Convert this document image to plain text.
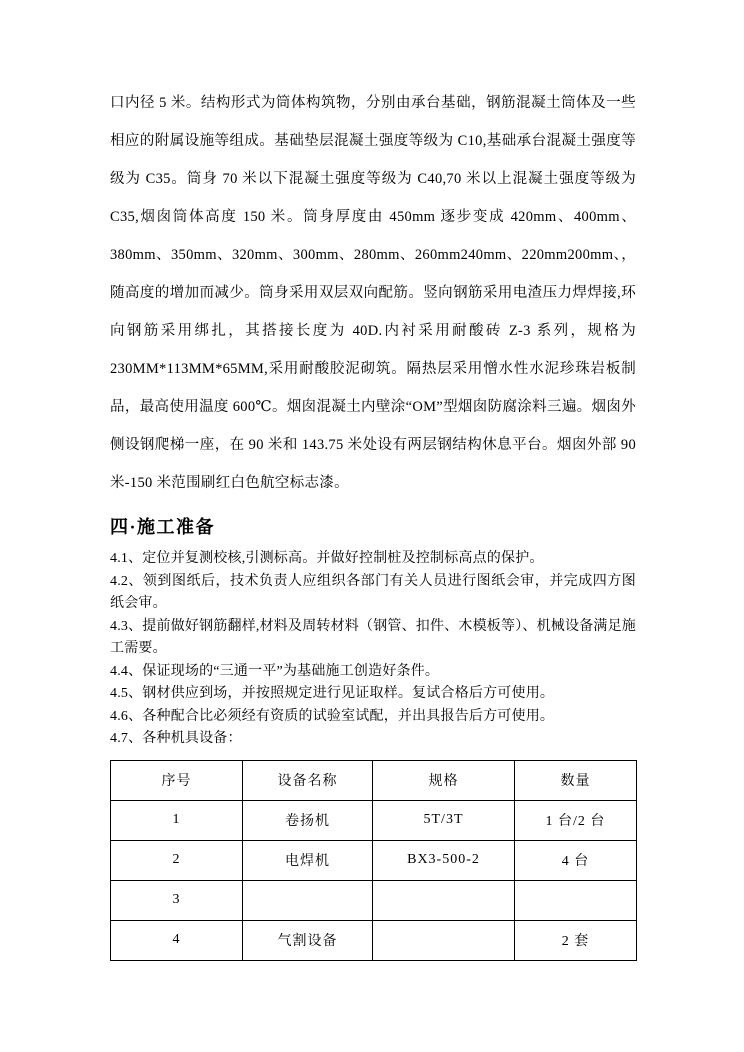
口内径 5 米。结构形式为筒体构筑物，分别由承台基础，钢筋混凝土筒体及一些相应的附属设施等组成。基础垫层混凝土强度等级为 C10,基础承台混凝土强度等级为 C35。筒身 70 米以下混凝土强度等级为 C40,70 米以上混凝土强度等级为 C35,烟囱筒体高度 150 米。筒身厚度由 450mm 逐步变成 420mm、400mm、380mm、350mm、320mm、300mm、280mm、260mm240mm、220mm200mm、，随高度的增加而减少。筒身采用双层双向配筋。竖向钢筋采用电渣压力焊焊接,环向钢筋采用绑扎，其搭接长度为 40D.内衬采用耐酸砖 Z-3 系列，规格为 230MM*113MM*65MM,采用耐酸胶泥砌筑。隔热层采用憎水性水泥珍珠岩板制品，最高使用温度 600℃。烟囱混凝土内壁涂“OM”型烟囱防腐涂料三遍。烟囱外侧设钢爬梯一座，在 90 米和 143.75 米处设有两层钢结构休息平台。烟囱外部 90 米-150 米范围刷红白色航空标志漆。

四·施工准备

4.1、定位并复测校核,引测标高。并做好控制桩及控制标高点的保护。

4.2、领到图纸后，技术负责人应组织各部门有关人员进行图纸会审，并完成四方图纸会审。

4.3、提前做好钢筋翻样,材料及周转材料（钢管、扣件、木模板等）、机械设备满足施工需要。

4.4、保证现场的“三通一平”为基础施工创造好条件。

4.5、钢材供应到场，并按照规定进行见证取样。复试合格后方可使用。

4.6、各种配合比必须经有资质的试验室试配，并出具报告后方可使用。

4.7、各种机具设备：

序号	设备名称	规格	数量
1	卷扬机	5T/3T	1 台/2 台
2	电焊机	BX3-500-2	4 台
3			
4	气割设备		2 套
